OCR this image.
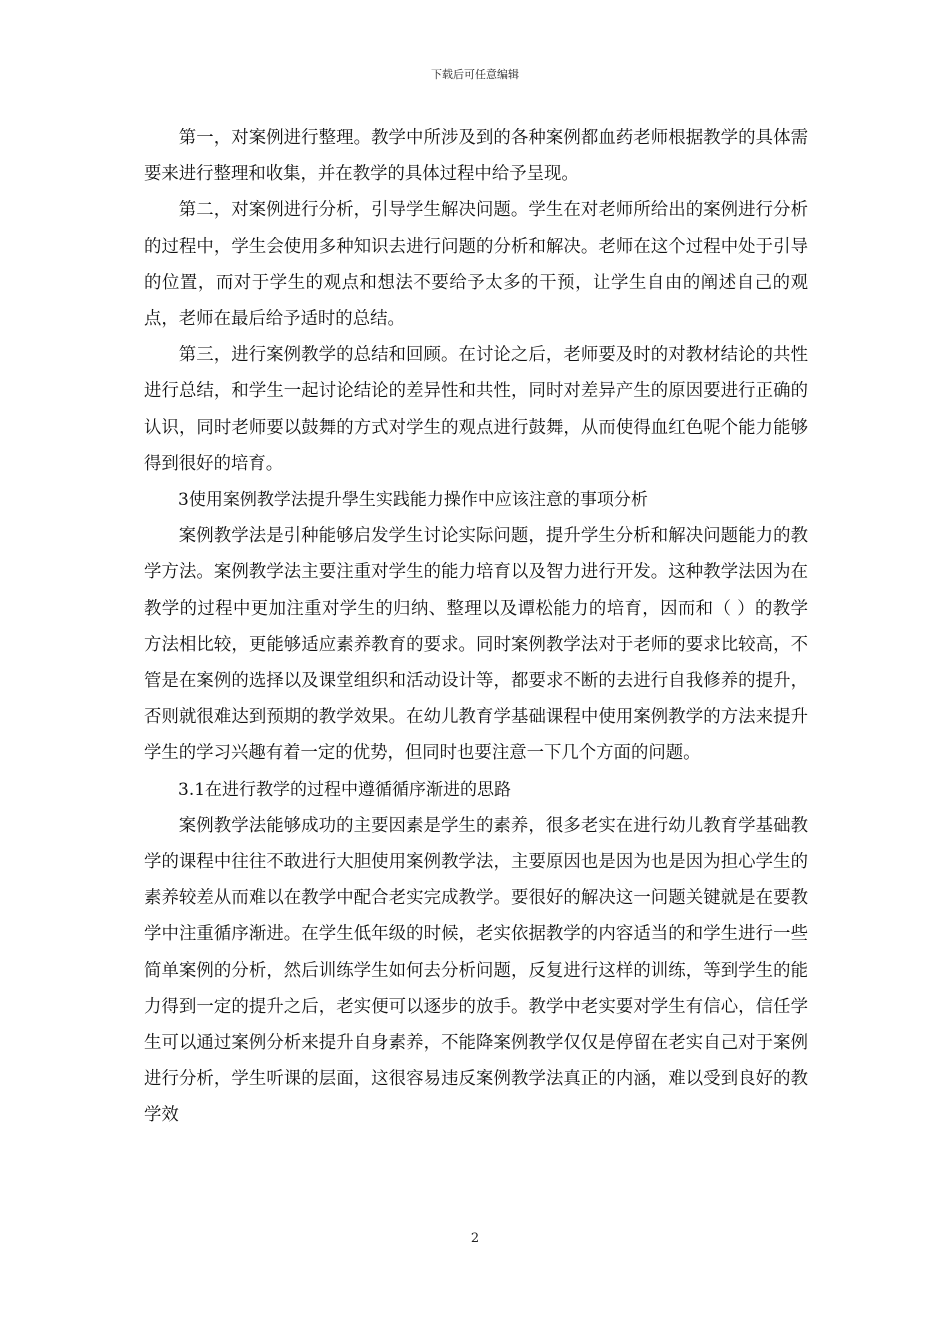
下载后可任意编辑

第一，对案例进行整理。教学中所涉及到的各种案例都血药老师根据教学的具体需要来进行整理和收集，并在教学的具体过程中给予呈现。

第二，对案例进行分析，引导学生解决问题。学生在对老师所给出的案例进行分析的过程中，学生会使用多种知识去进行问题的分析和解决。老师在这个过程中处于引导的位置，而对于学生的观点和想法不要给予太多的干预，让学生自由的阐述自己的观点，老师在最后给予适时的总结。

第三，进行案例教学的总结和回顾。在讨论之后，老师要及时的对教材结论的共性进行总结，和学生一起讨论结论的差异性和共性，同时对差异产生的原因要进行正确的认识，同时老师要以鼓舞的方式对学生的观点进行鼓舞，从而使得血红色呢个能力能够得到很好的培育。

3使用案例教学法提升學生实践能力操作中应该注意的事项分析

案例教学法是引种能够启发学生讨论实际问题，提升学生分析和解决问题能力的教学方法。案例教学法主要注重对学生的能力培育以及智力进行开发。这种教学法因为在教学的过程中更加注重对学生的归纳、整理以及谭松能力的培育，因而和（ ）的教学方法相比较，更能够适应素养教育的要求。同时案例教学法对于老师的要求比较高，不管是在案例的选择以及课堂组织和活动设计等，都要求不断的去进行自我修养的提升，否则就很难达到预期的教学效果。在幼儿教育学基础课程中使用案例教学的方法来提升学生的学习兴趣有着一定的优势，但同时也要注意一下几个方面的问题。

3.1在进行教学的过程中遵循循序渐进的思路

案例教学法能够成功的主要因素是学生的素养，很多老实在进行幼儿教育学基础教学的课程中往往不敢进行大胆使用案例教学法，主要原因也是因为也是因为担心学生的素养较差从而难以在教学中配合老实完成教学。要很好的解决这一问题关键就是在要教学中注重循序渐进。在学生低年级的时候，老实依据教学的内容适当的和学生进行一些简单案例的分析，然后训练学生如何去分析问题，反复进行这样的训练，等到学生的能力得到一定的提升之后，老实便可以逐步的放手。教学中老实要对学生有信心，信任学生可以通过案例分析来提升自身素养，不能降案例教学仅仅是停留在老实自己对于案例进行分析，学生听课的层面，这很容易违反案例教学法真正的内涵，难以受到良好的教学效

2
